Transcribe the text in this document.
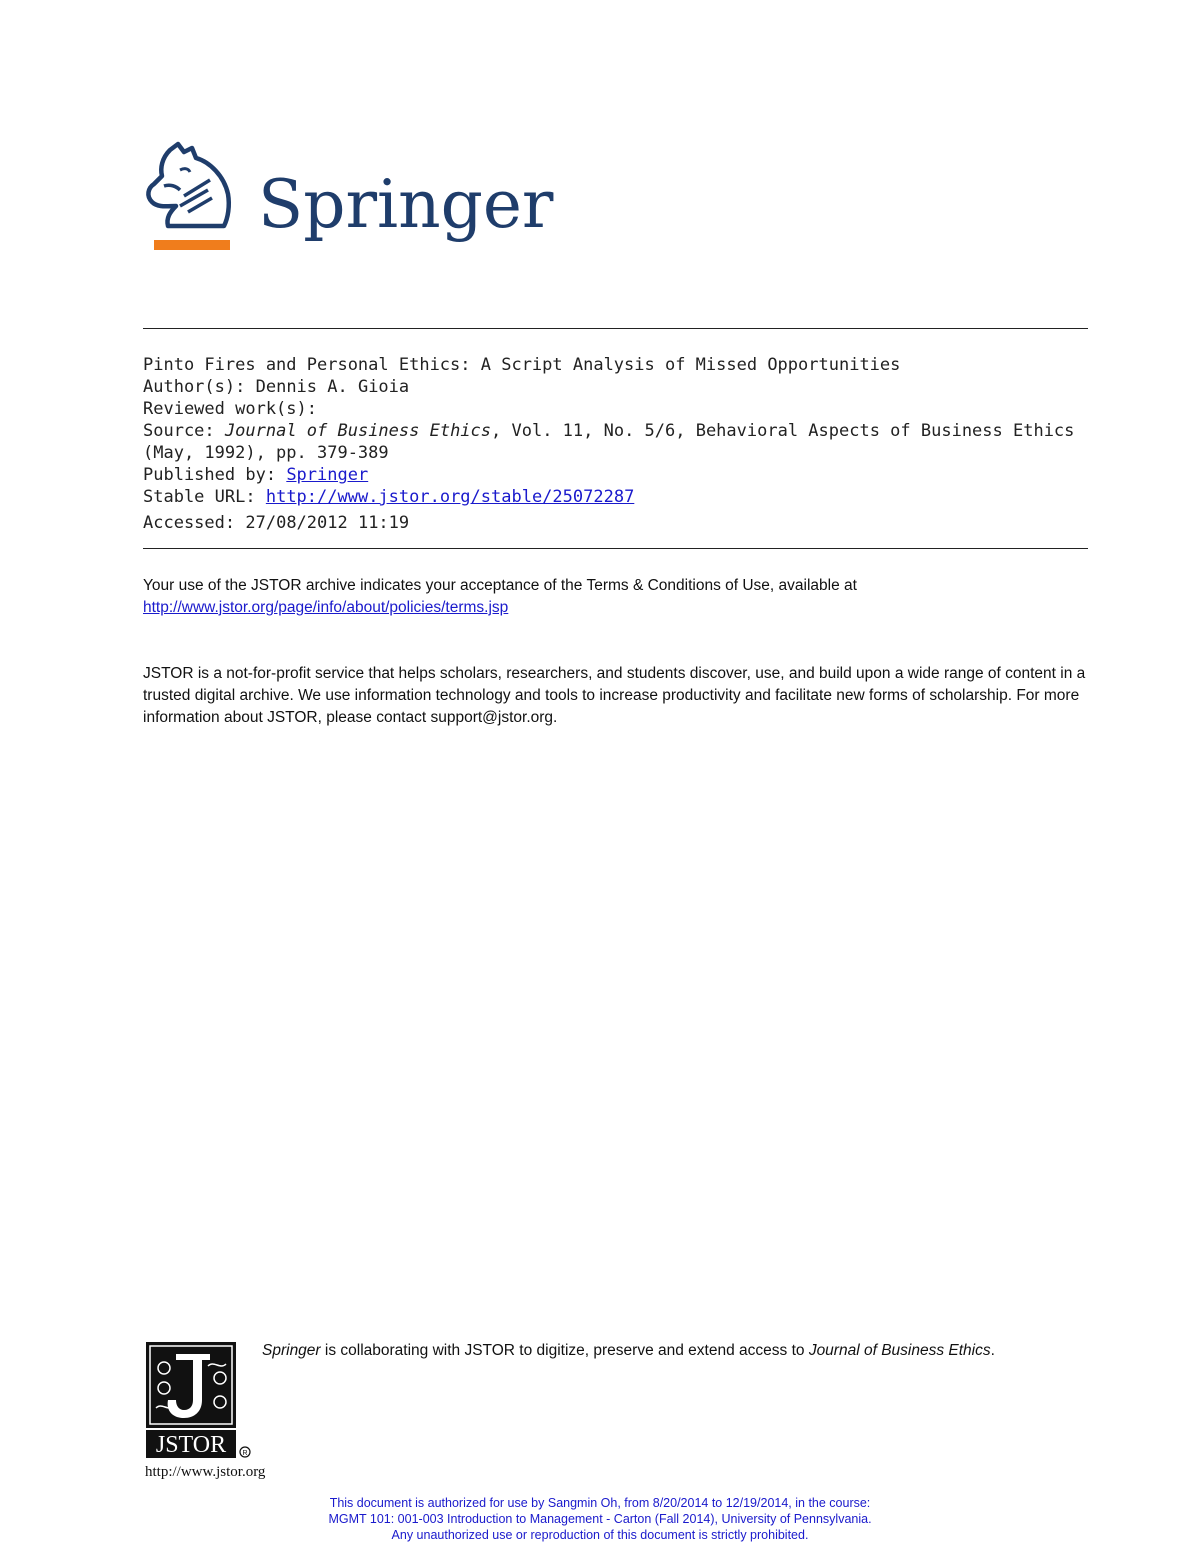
Springer
Pinto Fires and Personal Ethics: A Script Analysis of Missed Opportunities
Author(s): Dennis A. Gioia
Reviewed work(s):
Source: Journal of Business Ethics, Vol. 11, No. 5/6, Behavioral Aspects of Business Ethics
(May, 1992), pp. 379-389
Published by: Springer
Stable URL: http://www.jstor.org/stable/25072287
Accessed: 27/08/2012 11:19
Your use of the JSTOR archive indicates your acceptance of the Terms & Conditions of Use, available at
http://www.jstor.org/page/info/about/policies/terms.jsp
JSTOR is a not-for-profit service that helps scholars, researchers, and students discover, use, and build upon a wide range of content in a trusted digital archive. We use information technology and tools to increase productivity and facilitate new forms of scholarship. For more information about JSTOR, please contact support@jstor.org.
JSTOR R
http://www.jstor.org
Springer is collaborating with JSTOR to digitize, preserve and extend access to Journal of Business Ethics.
This document is authorized for use by Sangmin Oh, from 8/20/2014 to 12/19/2014, in the course:
MGMT 101: 001-003 Introduction to Management - Carton (Fall 2014), University of Pennsylvania.
Any unauthorized use or reproduction of this document is strictly prohibited.
